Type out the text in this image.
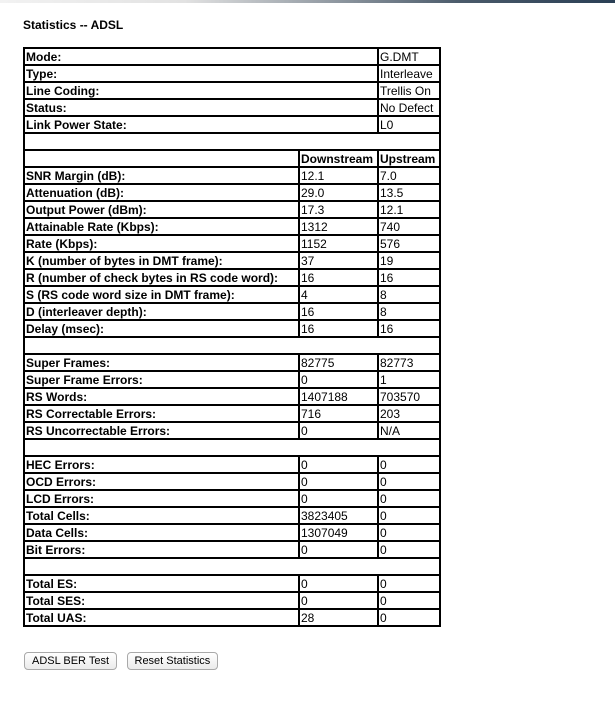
Statistics -- ADSL

Mode:		G.DMT
Type:		Interleave
Line Coding:		Trellis On
Status:		No Defect
Link Power State:		L0

	Downstream	Upstream
SNR Margin (dB):	12.1	7.0
Attenuation (dB):	29.0	13.5
Output Power (dBm):	17.3	12.1
Attainable Rate (Kbps):	1312	740
Rate (Kbps):	1152	576
K (number of bytes in DMT frame):	37	19
R (number of check bytes in RS code word):	16	16
S (RS code word size in DMT frame):	4	8
D (interleaver depth):	16	8
Delay (msec):	16	16

Super Frames:	82775	82773
Super Frame Errors:	0	1
RS Words:	1407188	703570
RS Correctable Errors:	716	203
RS Uncorrectable Errors:	0	N/A

HEC Errors:	0	0
OCD Errors:	0	0
LCD Errors:	0	0
Total Cells:	3823405	0
Data Cells:	1307049	0
Bit Errors:	0	0

Total ES:	0	0
Total SES:	0	0
Total UAS:	28	0
ADSL BER Test Reset Statistics
